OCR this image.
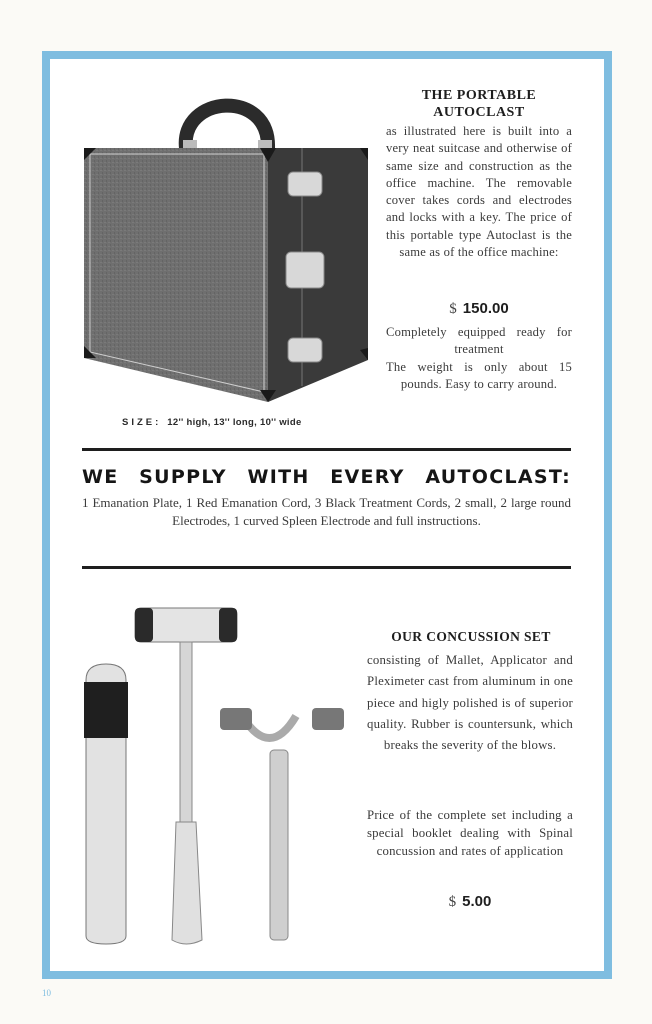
THE PORTABLE
AUTOCLAST
as illustrated here is built into a very neat suitcase and otherwise of same size and construction as the office machine. The removable cover takes cords and electrodes and locks with a key. The price of this portable type Autoclast is the same as of the office machine:
$ 150.00
Completely equipped ready for treatment
The weight is only about 15 pounds. Easy to carry around.
SIZE: 12'' high, 13'' long, 10'' wide
WE SUPPLY WITH EVERY AUTOCLAST:
1 Emanation Plate, 1 Red Emanation Cord, 3 Black Treatment Cords, 2 small, 2 large round Electrodes, 1 curved Spleen Electrode and full instructions.
OUR CONCUSSION SET
consisting of Mallet, Applicator and Pleximeter cast from aluminum in one piece and higly polished is of superior quality. Rubber is countersunk, which breaks the severity of the blows.
Price of the complete set including a special booklet dealing with Spinal concussion and rates of application
$ 5.00
10
